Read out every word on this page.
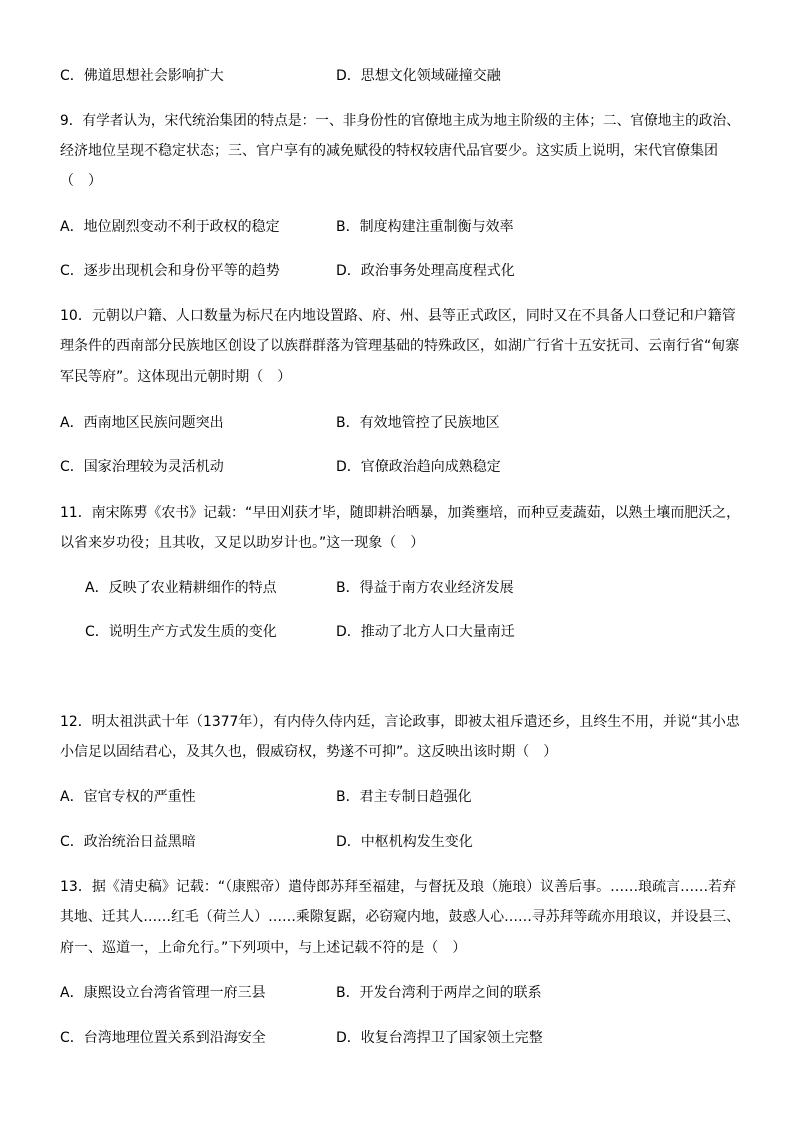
C．佛道思想社会影响扩大	D．思想文化领域碰撞交融
9．有学者认为，宋代统治集团的特点是：一、非身份性的官僚地主成为地主阶级的主体；二、官僚地主的政治、
经济地位呈现不稳定状态；三、官户享有的减免赋役的特权较唐代品官要少。这实质上说明，宋代官僚集团
（　）
A．地位剧烈变动不利于政权的稳定	B．制度构建注重制衡与效率
C．逐步出现机会和身份平等的趋势	D．政治事务处理高度程式化
10．元朝以户籍、人口数量为标尺在内地设置路、府、州、县等正式政区，同时又在不具备人口登记和户籍管
理条件的西南部分民族地区创设了以族群群落为管理基础的特殊政区，如湖广行省十五安抚司、云南行省“甸寨
军民等府”。这体现出元朝时期（　）
A．西南地区民族问题突出	B．有效地管控了民族地区
C．国家治理较为灵活机动	D．官僚政治趋向成熟稳定
11．南宋陈旉《农书》记载：“早田刈获才毕，随即耕治晒暴，加粪壅培，而种豆麦蔬茹，以熟土壤而肥沃之，
以省来岁功役；且其收，又足以助岁计也。”这一现象（　）
A．反映了农业精耕细作的特点	B．得益于南方农业经济发展
C．说明生产方式发生质的变化	D．推动了北方人口大量南迁
12．明太祖洪武十年（1377年），有内侍久侍内廷，言论政事，即被太祖斥遣还乡，且终生不用，并说“其小忠
小信足以固结君心，及其久也，假威窃权，势遂不可抑”。这反映出该时期（　）
A．宦官专权的严重性	B．君主专制日趋强化
C．政治统治日益黑暗	D．中枢机构发生变化
13．据《清史稿》记载：“（康熙帝）遣侍郎苏拜至福建，与督抚及琅（施琅）议善后事。……琅疏言……若弃
其地、迁其人……红毛（荷兰人）……乘隙复踞，必窃窥内地，鼓惑人心……寻苏拜等疏亦用琅议，并设县三、
府一、巡道一，上命允行。”下列项中，与上述记载不符的是（　）
A．康熙设立台湾省管理一府三县	B．开发台湾利于两岸之间的联系
C．台湾地理位置关系到沿海安全	D．收复台湾捍卫了国家领土完整
